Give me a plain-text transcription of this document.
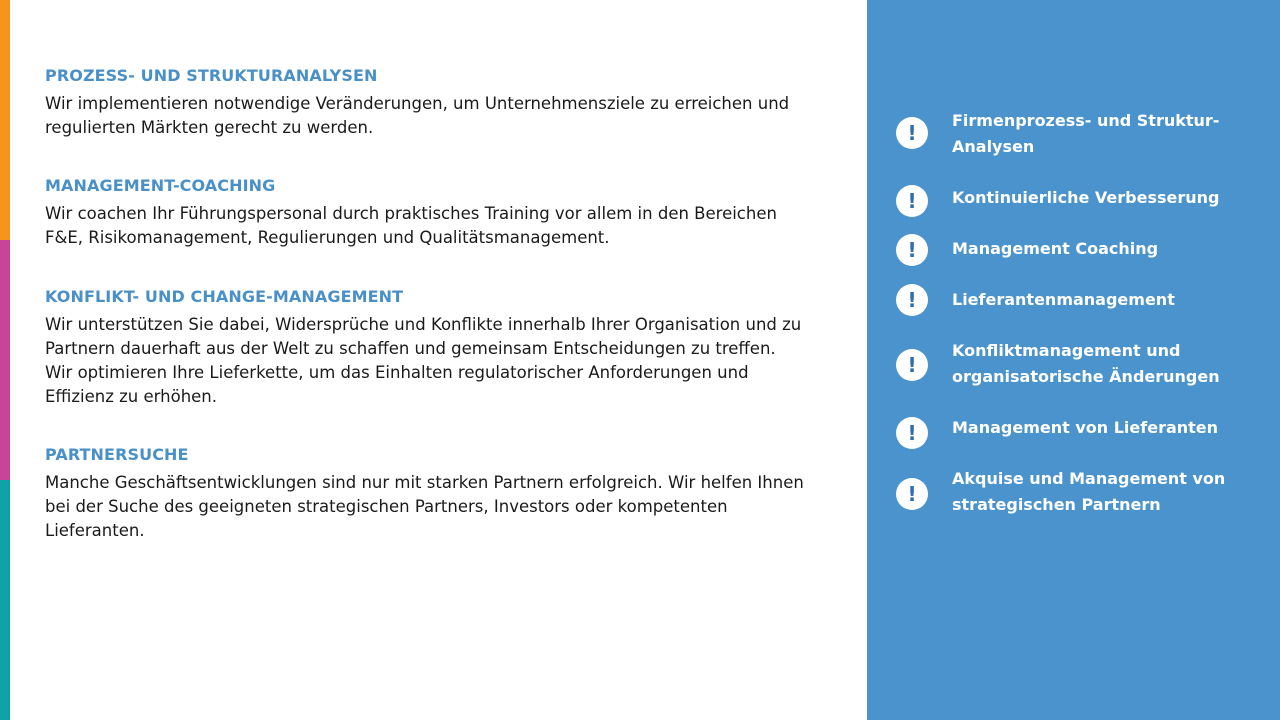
PROZESS- UND STRUKTURANALYSEN

Wir implementieren notwendige Veränderungen, um Unternehmensziele zu erreichen und regulierten Märkten gerecht zu werden.

MANAGEMENT-COACHING

Wir coachen Ihr Führungspersonal durch praktisches Training vor allem in den Bereichen F&E, Risikomanagement, Regulierungen und Qualitätsmanagement.

KONFLIKT- UND CHANGE-MANAGEMENT

Wir unterstützen Sie dabei, Widersprüche und Konflikte innerhalb Ihrer Organisation und zu Partnern dauerhaft aus der Welt zu schaffen und gemeinsam Entscheidungen zu treffen. Wir optimieren Ihre Lieferkette, um das Einhalten regulatorischer Anforderungen und Effizienz zu erhöhen.

PARTNERSUCHE

Manche Geschäftsentwicklungen sind nur mit starken Partnern erfolgreich. Wir helfen Ihnen bei der Suche des geeigneten strategischen Partners, Investors oder kompetenten Lieferanten.

!
Firmenprozess- und Struktur-Analysen
!	Kontinuierliche Verbesserung
!	Management Coaching
!	Lieferantenmanagement
!
Konfliktmanagement und organisatorische Änderungen
!	Management von Lieferanten
!
Akquise und Management von strategischen Partnern
